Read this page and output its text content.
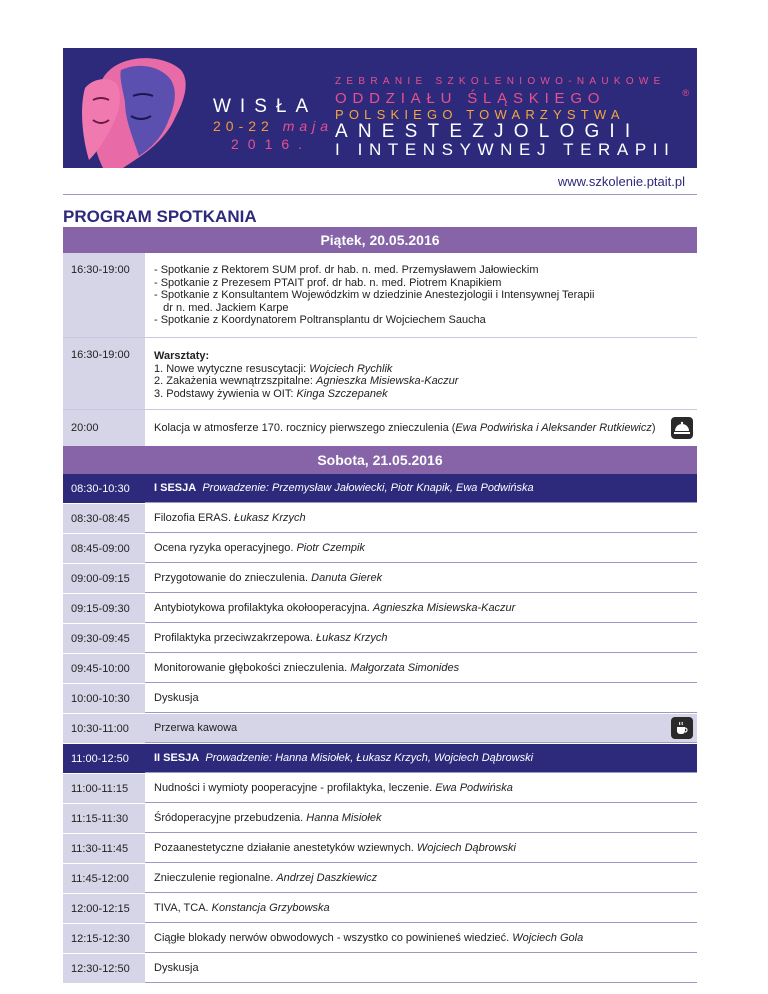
WISŁA
20-22 maja
2016.
ZEBRANIE SZKOLENIOWO-NAUKOWE
ODDZIAŁU ŚLĄSKIEGO
POLSKIEGO TOWARZYSTWA
ANESTEZJOLOGII
I INTENSYWNEJ TERAPII
®
www.szkolenie.ptait.pl
PROGRAM SPOTKANIA
Piątek, 20.05.2016
16:30-19:00	- Spotkanie z Rektorem SUM prof. dr hab. n. med. Przemysławem Jałowieckim
- Spotkanie z Prezesem PTAIT prof. dr hab. n. med. Piotrem Knapikiem
- Spotkanie z Konsultantem Wojewódzkim w dziedzinie Anestezjologii i Intensywnej Terapii
dr n. med. Jackiem Karpe
- Spotkanie z Koordynatorem Poltransplantu dr Wojciechem Saucha
16:30-19:00	Warsztaty:
1. Nowe wytyczne resuscytacji: Wojciech Rychlik
2. Zakażenia wewnątrzszpitalne: Agnieszka Misiewska-Kaczur
3. Podstawy żywienia w OIT: Kinga Szczepanek
20:00	Kolacja w atmosferze 170. rocznicy pierwszego znieczulenia (Ewa Podwińska i Aleksander Rutkiewicz)
Sobota, 21.05.2016
08:30-10:30	I SESJA
Prowadzenie: Przemysław Jałowiecki, Piotr Knapik, Ewa Podwińska
08:30-08:45	Filozofia ERAS. Łukasz Krzych
08:45-09:00	Ocena ryzyka operacyjnego. Piotr Czempik
09:00-09:15	Przygotowanie do znieczulenia. Danuta Gierek
09:15-09:30	Antybiotykowa profilaktyka okołooperacyjna. Agnieszka Misiewska-Kaczur
09:30-09:45	Profilaktyka przeciwzakrzepowa. Łukasz Krzych
09:45-10:00	Monitorowanie głębokości znieczulenia. Małgorzata Simonides
10:00-10:30	Dyskusja
10:30-11:00	Przerwa kawowa
11:00-12:50	II SESJA
Prowadzenie: Hanna Misiołek, Łukasz Krzych, Wojciech Dąbrowski
11:00-11:15	Nudności i wymioty pooperacyjne - profilaktyka, leczenie. Ewa Podwińska
11:15-11:30	Śródoperacyjne przebudzenia. Hanna Misiołek
11:30-11:45	Pozaanestetyczne działanie anestetyków wziewnych. Wojciech Dąbrowski
11:45-12:00	Znieczulenie regionalne. Andrzej Daszkiewicz
12:00-12:15	TIVA, TCA. Konstancja Grzybowska
12:15-12:30	Ciągłe blokady nerwów obwodowych - wszystko co powinieneś wiedzieć. Wojciech Gola
12:30-12:50	Dyskusja
